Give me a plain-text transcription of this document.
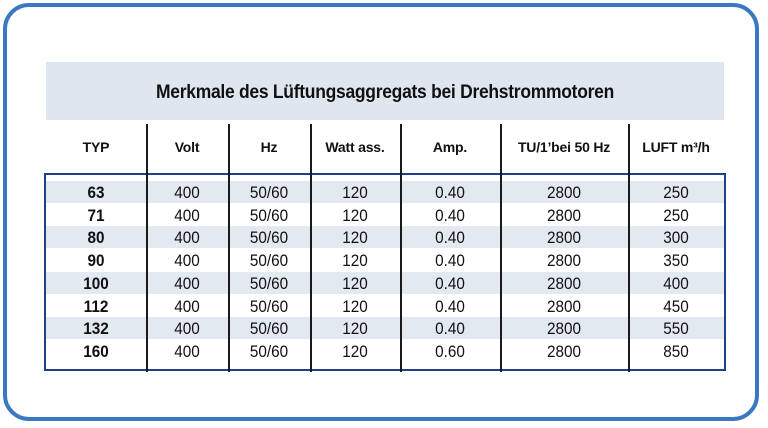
Merkmale des Lüftungsaggregats bei Drehstrommotoren
TYP	Volt	Hz	Watt ass.	Amp.	TU/1’bei 50 Hz	LUFT m³/h
63	400	50/60	120	0.40	2800	250
71	400	50/60	120	0.40	2800	250
80	400	50/60	120	0.40	2800	300
90	400	50/60	120	0.40	2800	350
100	400	50/60	120	0.40	2800	400
112	400	50/60	120	0.40	2800	450
132	400	50/60	120	0.40	2800	550
160	400	50/60	120	0.60	2800	850
